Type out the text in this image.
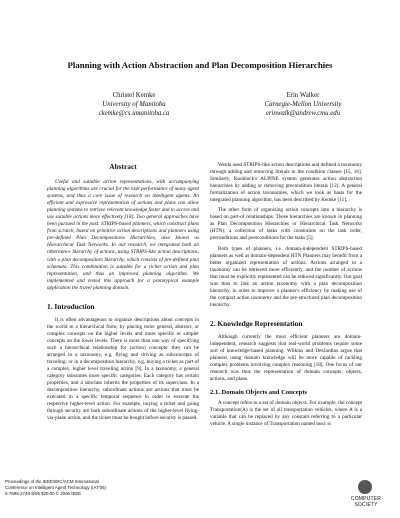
Planning with Action Abstraction and Plan Decomposition Hierarchies
Christel Kemke
University of Manitoba
ckemke@cs.umanitoba.ca
Erin Walker
Carnegie-Mellon University
erinwalk@andrew.cmu.edu
Abstract

Useful and suitable action representations, with accompanying planning algorithms are crucial for the task performance of many agent systems, and thus a core issue of research on intelligent agents. An efficient and expressive representation of actions and plans can allow planning systems to retrieve relevant knowledge faster and to access and use suitable actions more effectively [18]. Two general approaches have been pursued in the past: STRIPS-based planners, which construct plans from scratch, based on primitive action descriptions and planners using pre-defined Plan Decompositions Hierarchies, also known as Hierarchical Task Networks. In our research, we integrated both an inheritance hierarchy of actions, using STRIPS-like action descriptions, with a plan decomposition hierarchy, which consists of pre-defined plan schemata. This combination is suitable for a richer action and plan representation, and thus an improved planning algorithm. We implemented and tested this approach for a prototypical example application the travel planning domain.

1. Introduction

It is often advantageous to organize descriptions about concepts in the world in a hierarchical form, by placing more general, abstract, or complex concepts on the higher levels and more specific or simpler concepts on the lower levels. There is more than one way of specifying such a hierarchical relationship for (action) concepts: they can be arranged in a taxonomy, e.g. flying and driving as subconcepts of traveling; or in a decomposition hierarchy, e.g. buying a ticket as part of a complex, higher level traveling action [9]. In a taxonomy, a general category subsumes more specific categories. Each category has certain properties, and a subclass inherits the properties of its superclass. In a decomposition hierarchy, subordinate actions are actions that must be executed in a specific temporal sequence in order to execute the respective higher-level action. For example, buying a ticket and going through security are both subordinate actions of the higher-level flying-via-plane action, and the ticket must be bought before security is passed.

Weida used STRIPS-like action descriptions and defined a taxonomy through adding and removing literals in the condition classes [15, 16]. Similarly, Knoblock's ALPINE system generates action abstraction hierarchies by adding or removing precondition literals [12]. A general formalization of action taxonomies, which we took as basis for the integrated planning algorithm, has been described by Kemke [11].

The other form of organizing action concepts into a hierarchy is based on part-of relationships. These hierarchies are known in planning as Plan Decomposition Hierarchies or Hierarchical Task Networks (HTN); a collection of tasks with constraints on the task order, preconditions and postconditions for the tasks [5].

Both types of planners, i.e. domain-independent STRIPS-based planners as well as domain-dependent HTN Planners may benefit from a better organized representation of actions. Actions arranged in a taxonomy can be retrieved more efficiently, and the number of actions that must be explicitly represented can be reduced significantly. Our goal was thus to link an action taxonomy with a plan decomposition hierarchy, in order to improve a planner's efficiency by making use of the compact action taxonomy and the pre-structured plan decomposition hierarchy.

2. Knowledge Representation

Although currently the most efficient planners are domain-independent, research suggests that real-world problems require some sort of knowledge-based planning. Wilkins and DesJardins argue that planners using domain knowledge will be more capable of tackling complex problems involving complex reasoning [18]. One focus of our research was thus the representation of domain concepts, objects, actions, and plans.

2.1. Domain Objects and Concepts

A concept refers to a set of domain objects. For example, the concept Transportation(A) is the set of all transportation vehicles, where A is a variable that can be replaced by any constant referring to a particular vehicle. A single instance of Transportation named bus1 is

Proceedings of the IEEE/WIC/ACM International
Conference on Intelligent Agent Technology (IAT'06)
0-7695-2748-5/06 $20.00 © 2006 IEEE
COMPUTER
SOCIETY
